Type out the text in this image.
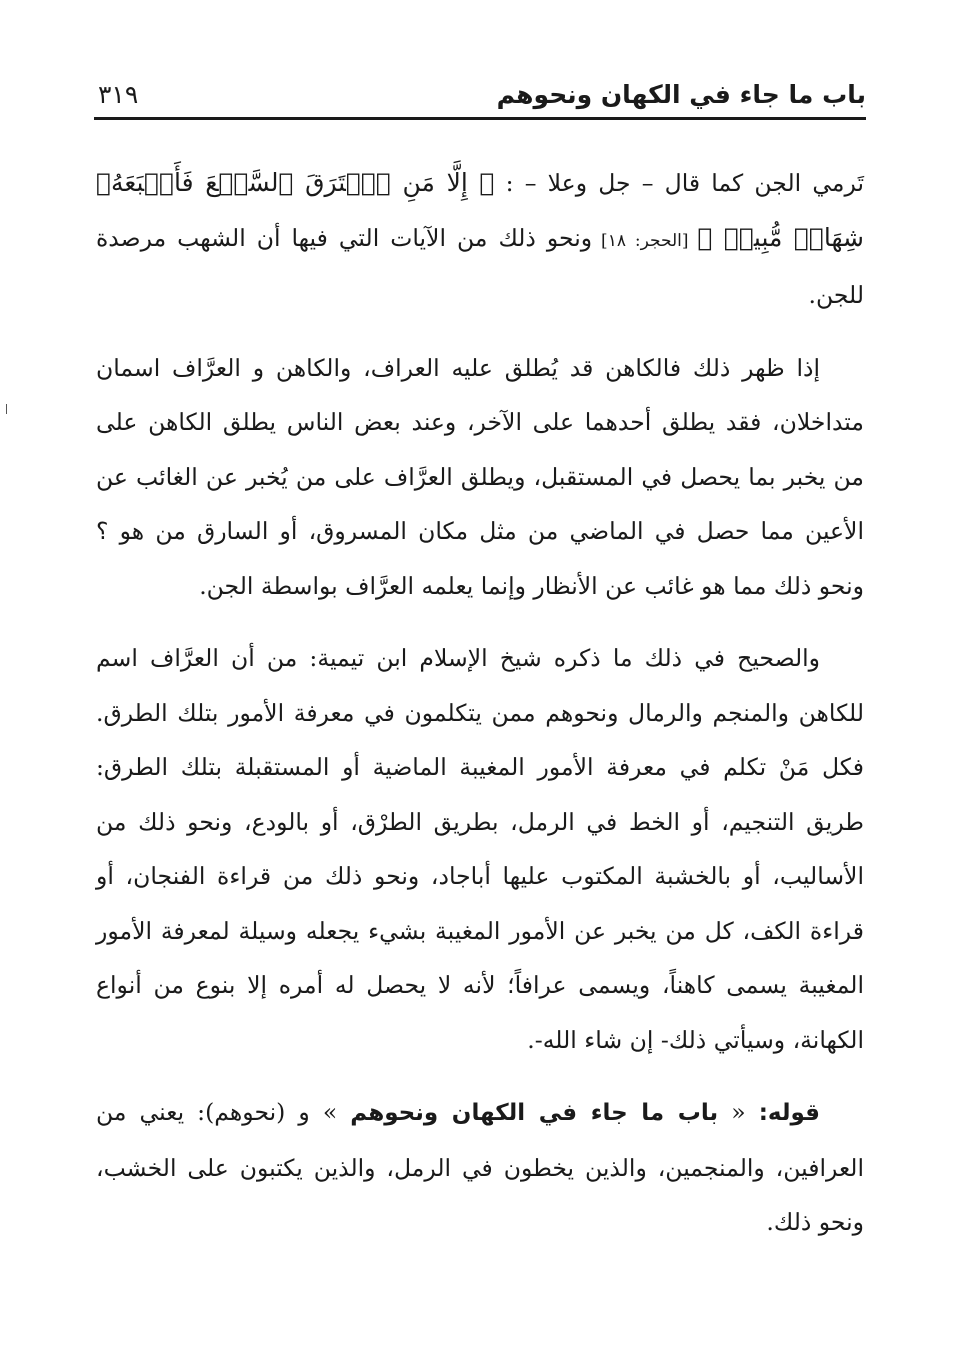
باب ما جاء في الكهان ونحوهم
٣١٩

تَرمي الجن كما قال – جل وعلا – : ﴿ إِلَّا مَنِ ٱسۡتَرَقَ ٱلسَّمۡعَ فَأَتۡبَعَهُۥ شِهَابٞ مُّبِينٞ ﴾ [الحجر: ١٨] ونحو ذلك من الآيات التي فيها أن الشهب مرصدة للجن.

إذا ظهر ذلك فالكاهن قد يُطلق عليه العراف، والكاهن و العرَّاف اسمان متداخلان، فقد يطلق أحدهما على الآخر، وعند بعض الناس يطلق الكاهن على من يخبر بما يحصل في المستقبل، ويطلق العرَّاف على من يُخبر عن الغائب عن الأعين مما حصل في الماضي من مثل مكان المسروق، أو السارق من هو ؟ ونحو ذلك مما هو غائب عن الأنظار وإنما يعلمه العرَّاف بواسطة الجن.

والصحيح في ذلك ما ذكره شيخ الإسلام ابن تيمية: من أن العرَّاف اسم للكاهن والمنجم والرمال ونحوهم ممن يتكلمون في معرفة الأمور بتلك الطرق. فكل مَنْ تكلم في معرفة الأمور المغيبة الماضية أو المستقبلة بتلك الطرق: طريق التنجيم، أو الخط في الرمل، بطريق الطرْق، أو بالودع، ونحو ذلك من الأساليب، أو بالخشبة المكتوب عليها أباجاد، ونحو ذلك من قراءة الفنجان، أو قراءة الكف، كل من يخبر عن الأمور المغيبة بشيء يجعله وسيلة لمعرفة الأمور المغيبة يسمى كاهناً، ويسمى عرافاً؛ لأنه لا يحصل له أمره إلا بنوع من أنواع الكهانة، وسيأتي ذلك- إن شاء الله-.

قوله: « باب ما جاء في الكهان ونحوهم » و (نحوهم): يعني من العرافين، والمنجمين، والذين يخطون في الرمل، والذين يكتبون على الخشب، ونحو ذلك.
